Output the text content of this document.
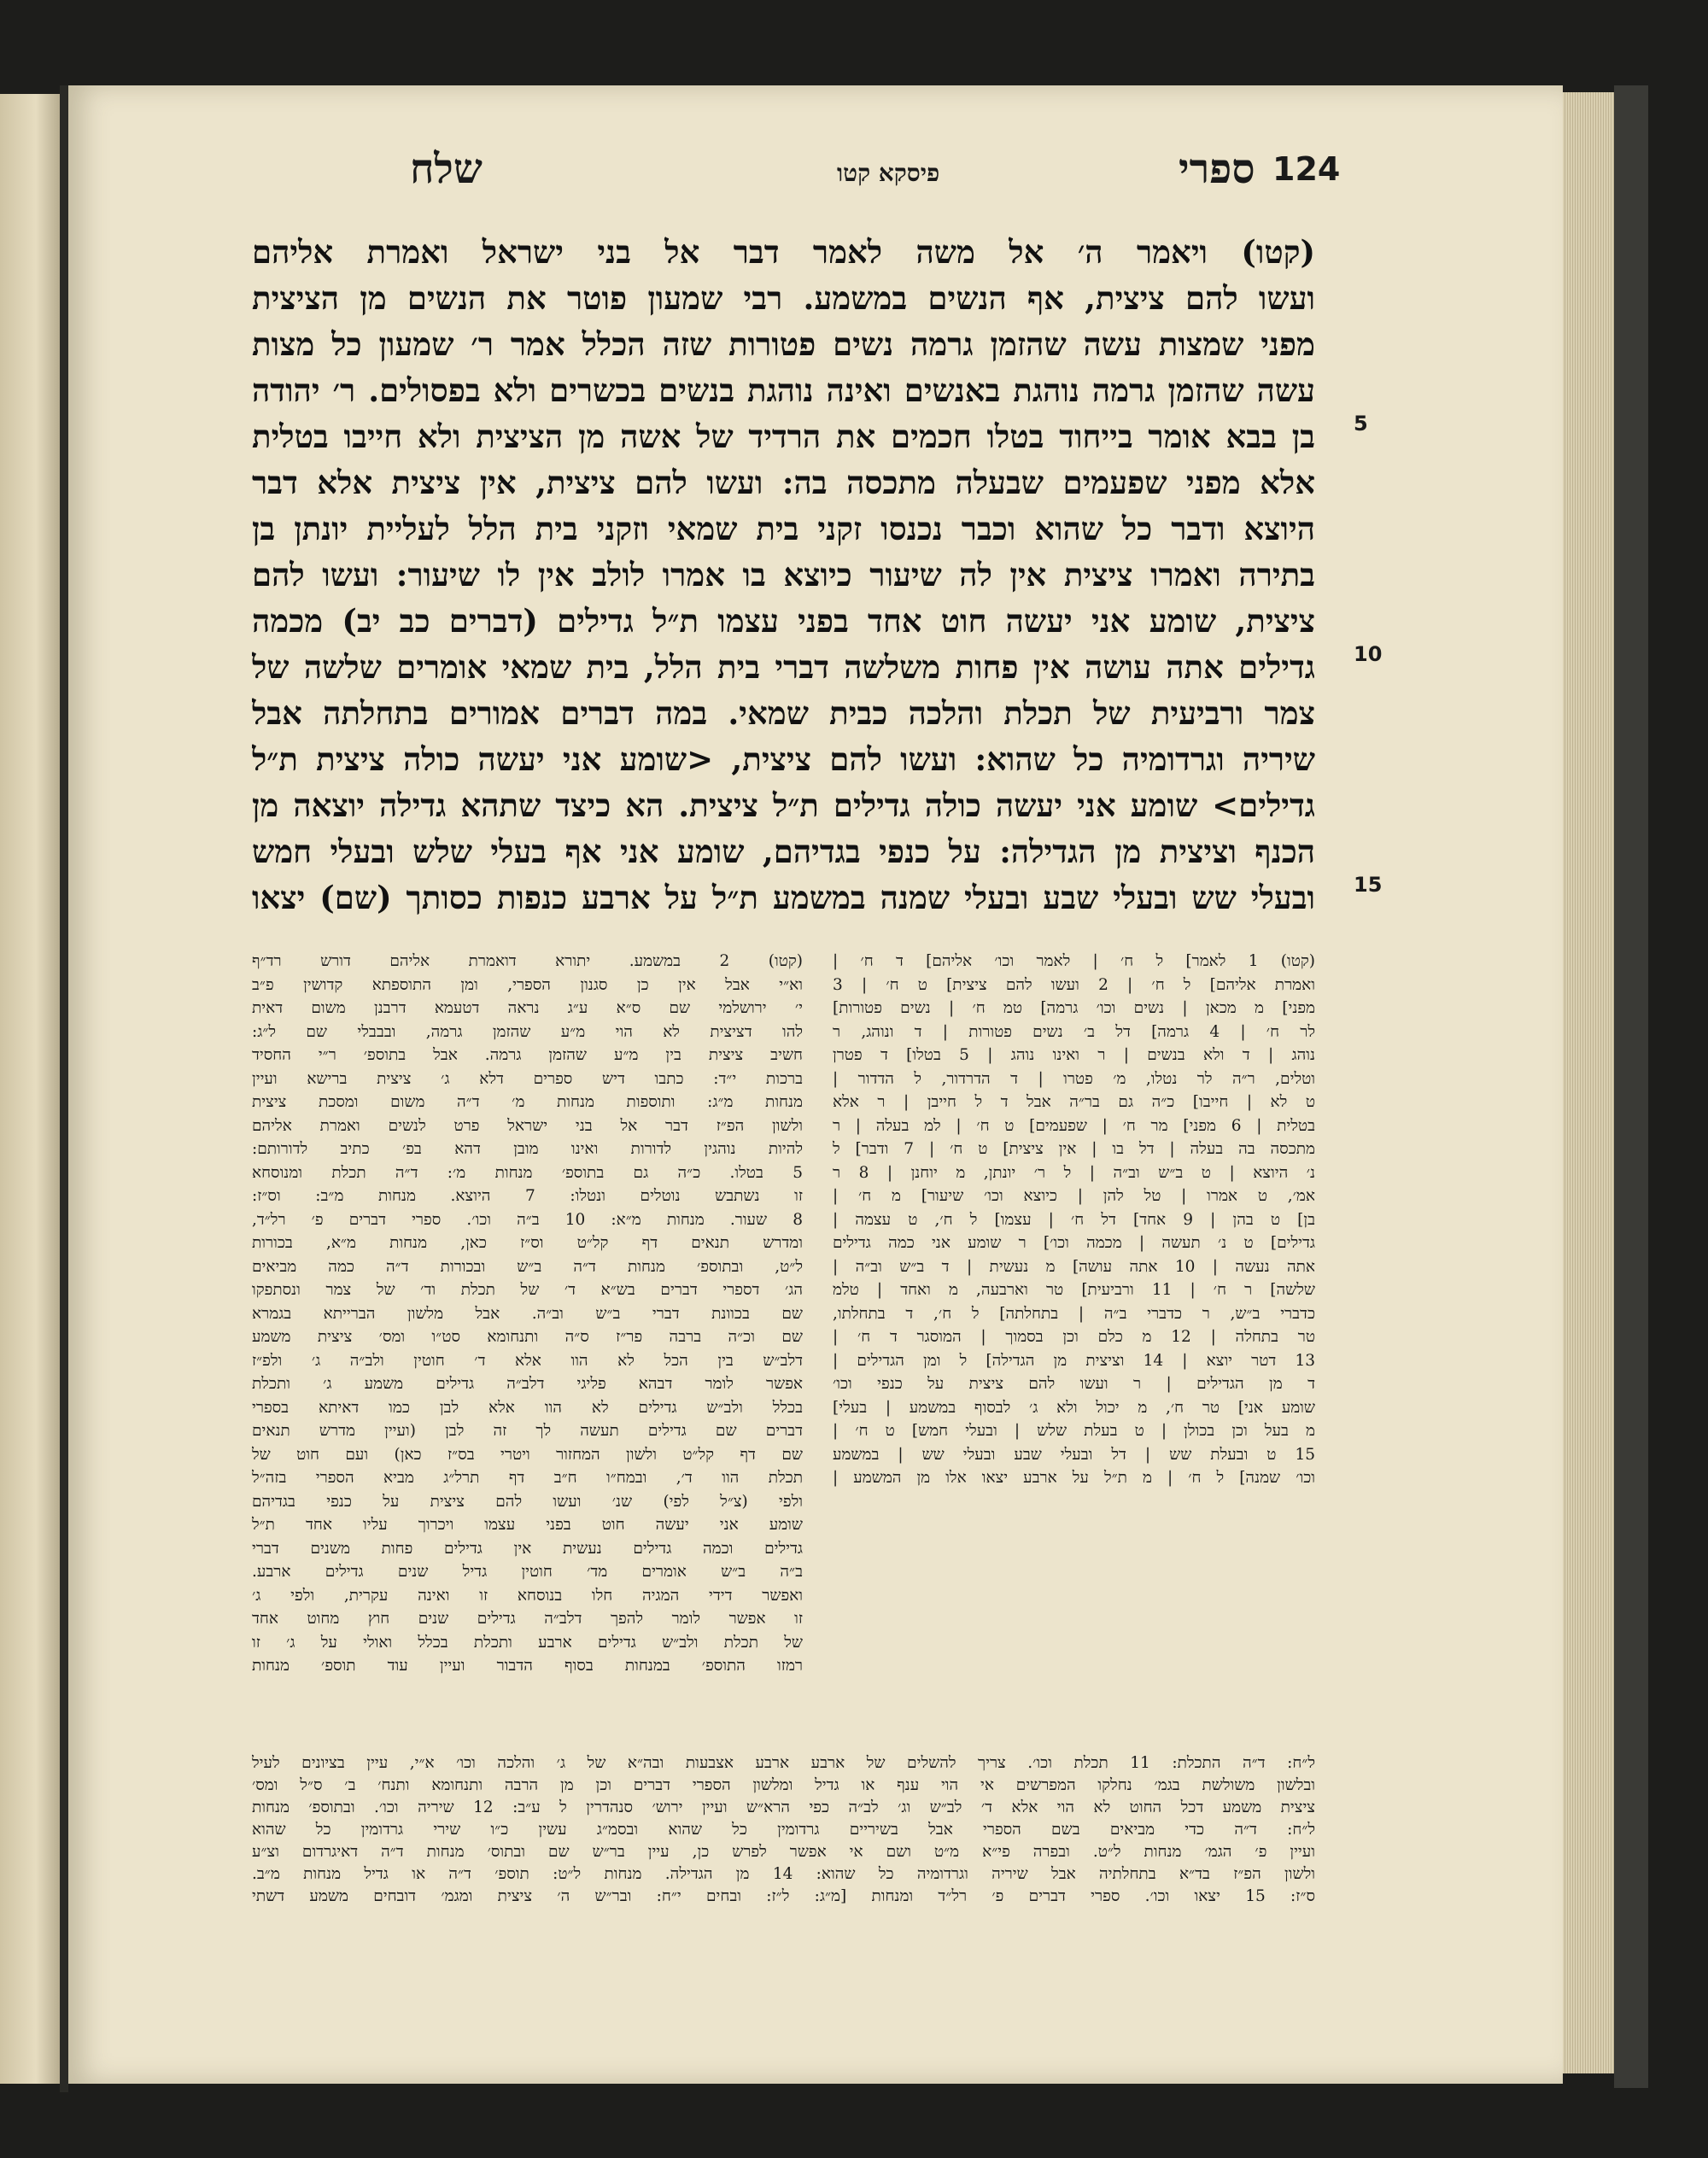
שלח	פיסקא קטו	ספרי 124
(קטו) ויאמר ה׳ אל משה לאמר דבר אל בני ישראל ואמרת אליהם
ועשו להם ציצית, אף הנשים במשמע. רבי שמעון פוטר את הנשים מן הציצית
מפני שמצות עשה שהזמן גרמה נשים פטורות שזה הכלל אמר ר׳ שמעון כל מצות
עשה שהזמן גרמה נוהגת באנשים ואינה נוהגת בנשים בכשרים ולא בפסולים. ר׳ יהודה
בן בבא אומר בייחוד בטלו חכמים את הרדיד של אשה מן הציצית ולא חייבו בטלית
אלא מפני שפעמים שבעלה מתכסה בה: ועשו להם ציצית, אין ציצית אלא דבר
היוצא ודבר כל שהוא וכבר נכנסו זקני בית שמאי וזקני בית הלל לעליית יונתן בן
בתירה ואמרו ציצית אין לה שיעור כיוצא בו אמרו לולב אין לו שיעור: ועשו להם
ציצית, שומע אני יעשה חוט אחד בפני עצמו ת״ל גדילים (דברים כב יב) מכמה
גדילים אתה עושה אין פחות משלשה דברי בית הלל, בית שמאי אומרים שלשה של
צמר ורביעית של תכלת והלכה כבית שמאי. במה דברים אמורים בתחלתה אבל
שיריה וגרדומיה כל שהוא: ועשו להם ציצית, <שומע אני יעשה כולה ציצית ת״ל
גדילים> שומע אני יעשה כולה גדילים ת״ל ציצית. הא כיצד שתהא גדילה יוצאה מן
הכנף וציצית מן הגדילה: על כנפי בגדיהם, שומע אני אף בעלי שלש ובעלי חמש
ובעלי שש ובעלי שבע ובעלי שמנה במשמע ת״ל על ארבע כנפות כסותך (שם) יצאו
5
10
15
(קטו) 1 לאמר] ל ח׳ | לאמר וכו׳ אליהם] ד ח׳ |
ואמרת אליהם] ל ח׳ | 2 ועשו להם ציצית] ט ח׳ | 3
מפני] מ מכאן | נשים וכו׳ גרמה] טמ ח׳ | נשים פטורות]
לר ח׳ | 4 גרמה] דל ב׳ נשים פטורות | ד ונוהג, ר
נוהג | ד ולא בנשים | ר ואינו נוהג | 5 בטלו] ד פטרן
וטלים, ר״ה לר נטלו, מ׳ פטרו | ד הדרדור, ל הדדור |
ט לא | חייבו] כ״ה גם בר״ה אבל ד ל חייבן | ר אלא
בטלית | 6 מפני] מר ח׳ | שפעמים] ט ח׳ | למ בעלה | ר
מתכסה בה בעלה | דל בו | אין ציצית] ט ח׳ | 7 ודבר] ל
נ׳ היוצא | ט ב״ש וב״ה | ל ר׳ יונתן, מ יוחנן | 8 ר
אמ׳, ט אמרו | טל להן | כיוצא וכו׳ שיעור] מ ח׳ |
בן] ט בהן | 9 אחד] דל ח׳ | עצמו] ל ח׳, ט עצמה |
גדילים] ט נ׳ תעשה | מכמה וכו׳] ר שומע אני כמה גדילים
אתה נעשה | 10 אתה עושה] מ נעשית | ד ב״ש וב״ה |
שלשה] ר ח׳ | 11 ורביעית] טר וארבעה, מ ואחד | טלמ
כדברי ב״ש, ר כדברי ב״ה | בתחלתה] ל ח׳, ד בתחלתו,
טר בתחלה | 12 מ כלם וכן בסמוך | המוסגר ד ח׳ |
13 דטר יוצא | 14 וציצית מן הגדילה] ל ומן הגדילים |
ד מן הגדילים | ר ועשו להם ציצית על כנפי וכו׳
שומע אני] טר ח׳, מ יכול ולא ג׳ לבסוף במשמע | בעלי]
מ בעל וכן בכולן | ט בעלת שלש | ובעלי חמש] ט ח׳ |
15 ט ובעלת שש | דל ובעלי שבע ובעלי שש | במשמע
וכו׳ שמנה] ל ח׳ | מ ת״ל על ארבע יצאו אלו מן המשמע |
(קטו) 2 במשמע. יתורא דואמרת אליהם דורש רד״ף
וא״י אבל אין כן סגנון הספרי, ומן התוספתא קדושין פ״ב
י׳ ירושלמי שם ס״א ע״ג נראה דטעמא דרבנן משום דאית
להו דציצית לא הוי מ״ע שהזמן גרמה, ובבבלי שם ל״ג:
חשיב ציצית בין מ״ע שהזמן גרמה. אבל בתוספ׳ ר״י החסיד
ברכות י״ד: כתבו דיש ספרים דלא ג׳ ציצית ברישא ועיין
מנחות מ״ג: ותוספות מנחות מ׳ ד״ה משום ומסכת ציצית
ולשון הפ״ז דבר אל בני ישראל פרט לנשים ואמרת אליהם
להיות נוהגין לדורות ואינו מובן דהא בפ׳ כתיב לדורותם:
5 בטלו. כ״ה גם בתוספ׳ מנחות מ׳: ד״ה תכלת ומנוסחא
זו נשתבש נוטלים ונטלו: 7 היוצא. מנחות מ״ב: וס״ז:
8 שעור. מנחות מ״א: 10 ב״ה וכו׳. ספרי דברים פ׳ רל״ד,
ומדרש תנאים דף קל״ט וס״ז כאן, מנחות מ״א, בכורות
ל״ט, ובתוספ׳ מנחות ד״ה ב״ש ובכורות ד״ה כמה מביאים
הג׳ דספרי דברים בש״א ד׳ של תכלת וד׳ של צמר ונסתפקו
שם בכוונת דברי ב״ש וב״ה. אבל מלשון הברייתא בגמרא
שם וכ״ה ברבה פר״ז ס״ה ותנחומא סט״ו ומס׳ ציצית משמע
דלב״ש בין הכל לא הוו אלא ד׳ חוטין ולב״ה ג׳ ולפ״ז
אפשר לומר דבהא פליגי דלב״ה גדילים משמע ג׳ ותכלת
בכלל ולב״ש גדילים לא הוו אלא לבן כמו דאיתא בספרי
דברים שם גדילים תעשה לך זה לבן (ועיין מדרש תנאים
שם דף קל״ט ולשון המחזור ויטרי בס״ז כאן) ועם חוט של
תכלת הוו ד׳, ובמח״ו ח״ב דף תרל״ג מביא הספרי בזה״ל
ולפי (צ״ל לפי) שנ׳ ועשו להם ציצית על כנפי בגדיהם
שומע אני יעשה חוט בפני עצמו ויכרוך עליו אחד ת״ל
גדילים וכמה גדילים נעשית אין גדילים פחות משנים דברי
ב״ה ב״ש אומרים מד׳ חוטין גדיל שנים גדילים ארבע.
ואפשר דידי המגיה חלו בנוסחא זו ואינה עקרית, ולפי ג׳
זו אפשר לומר להפך דלב״ה גדילים שנים חוץ מחוט אחד
של תכלת ולב״ש גדילים ארבע ותכלת בכלל ואולי על ג׳ זו
רמזו התוספ׳ במנחות בסוף הדבור ועיין עוד תוספ׳ מנחות
ל״ח: ד״ה התכלת: 11 תכלת וכו׳. צריך להשלים של ארבע ארבע אצבעות ובה״א של ג׳ והלכה וכו׳ א״י, עיין בציונים לעיל
ובלשון משולשת בגמ׳ נחלקו המפרשים אי הוי ענף או גדיל ומלשון הספרי דברים וכן מן הרבה ותנחומא ותנח׳ ב׳ ס״ל ומס׳
ציצית משמע דכל החוט לא הוי אלא ד׳ לב״ש וג׳ לב״ה כפי הרא״ש ועיין ירוש׳ סנהדרין ל ע״ב: 12 שיריה וכו׳. ובתוספ׳ מנחות
ל״ח: ד״ה כדי מביאים בשם הספרי אבל בשיריים גרדומין כל שהוא ובסמ״ג עשין כ״ו שירי גרדומין כל שהוא
ועיין פ׳ הגמ׳ מנחות ל״ט. ובפרה פי״א מ״ט ושם אי אפשר לפרש כן, עיין בר״ש שם ובתוס׳ מנחות ד״ה דאיגרדום וצ״ע
ולשון הפ״ז בד״א בתחלתיה אבל שיריה וגרדומיה כל שהוא: 14 מן הגדילה. מנחות ל״ט: תוספ׳ ד״ה או גדיל מנחות מ״ב.
ס״ז: 15 יצאו וכו׳. ספרי דברים פ׳ רל״ד ומנחות [מ״ג: ל״ז: ובחים י״ח: ובר״ש ה׳ ציצית ומגמ׳ דובחים משמע דשתי
